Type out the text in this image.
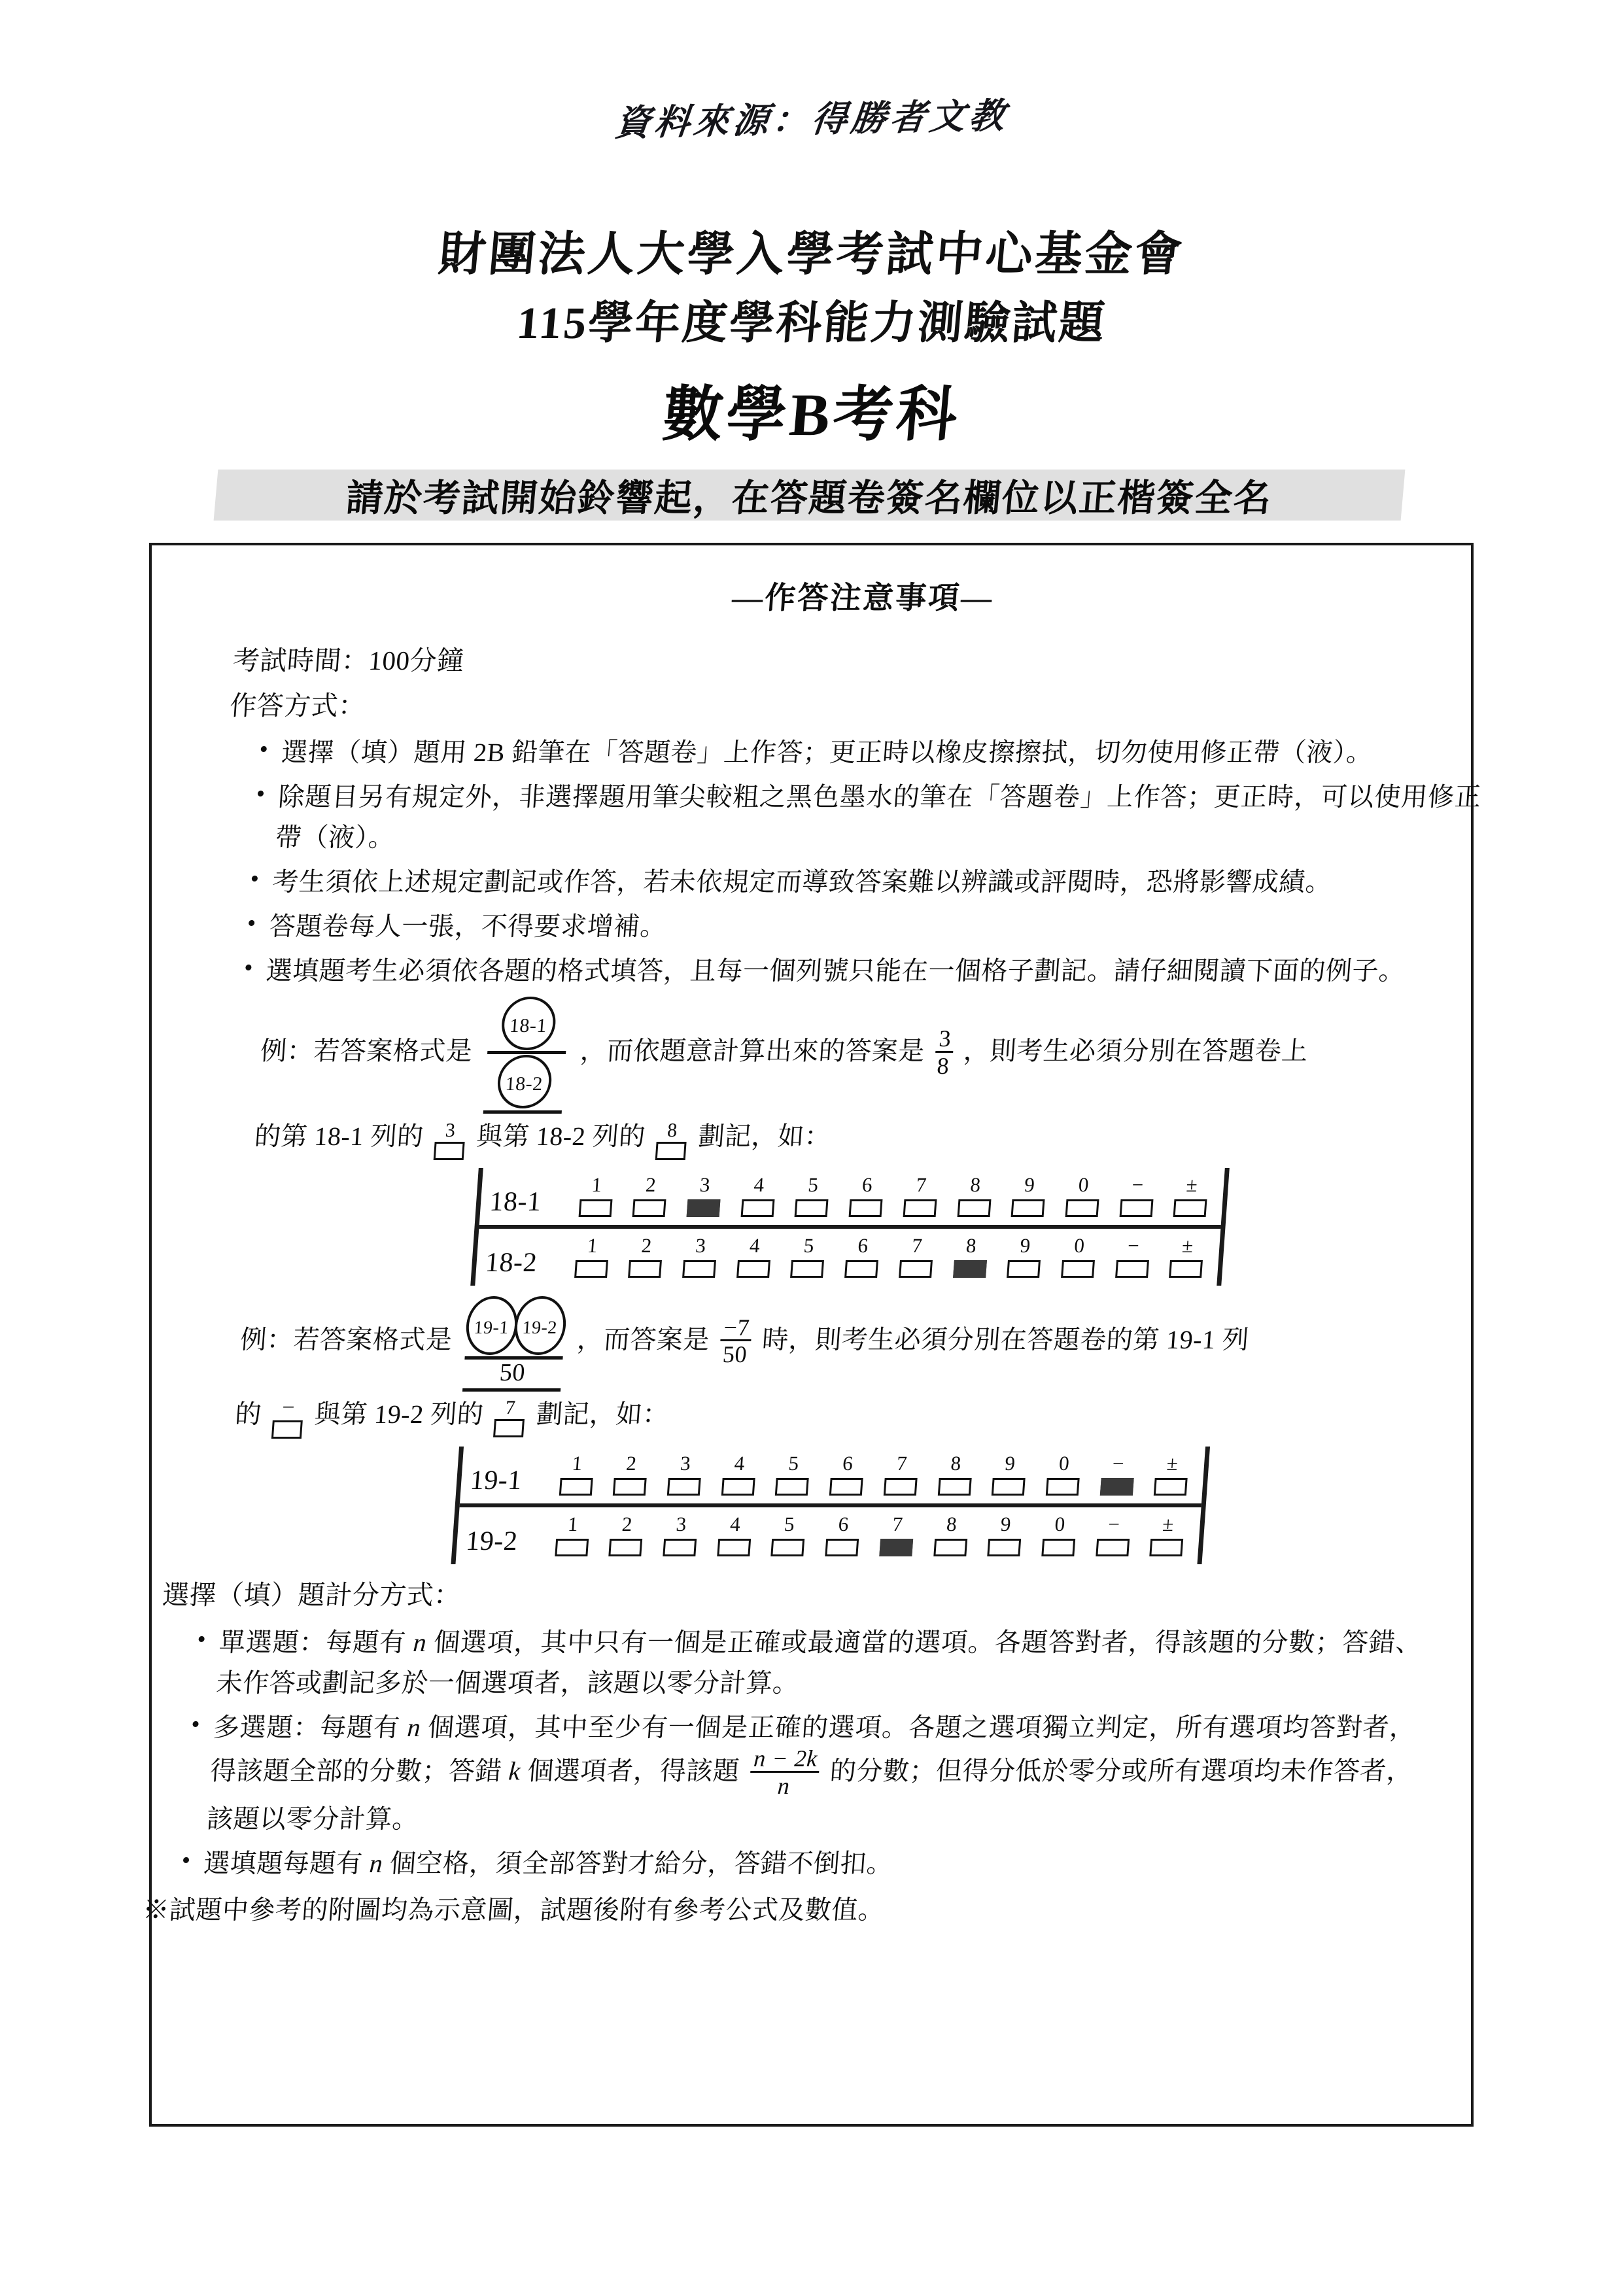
資料來源：得勝者文教
財團法人大學入學考試中心基金會
115學年度學科能力測驗試題
數學B考科
請於考試開始鈴響起，在答題卷簽名欄位以正楷簽全名
—作答注意事項—
考試時間：100分鐘
作答方式：
• 選擇（填）題用 2B 鉛筆在「答題卷」上作答；更正時以橡皮擦擦拭，切勿使用修正帶（液）。
• 除題目另有規定外，非選擇題用筆尖較粗之黑色墨水的筆在「答題卷」上作答；更正時，可以使用修正帶（液）。
• 考生須依上述規定劃記或作答，若未依規定而導致答案難以辨識或評閱時，恐將影響成績。
• 答題卷每人一張，不得要求增補。
• 選填題考生必須依各題的格式填答，且每一個列號只能在一個格子劃記。請仔細閱讀下面的例子。
例：若答案格式是 $\frac{18-1}{18-2}$ ，而依題意計算出來的答案是 $\frac{3}{8}$ ，則考生必須分別在答題卷上
的第 18-1 列的	3 與第 18-2 列的	8 劃記，如：
18-1
1	2	3	4	5	6	7	8	9	0	−	±
18-2
1	2	3	4	5	6	7	8	9	0	−	±
例：若答案格式是	19-1 19-2
50
，而答案是 $\frac{-7}{50}$ 時，則考生必須分別在答題卷的第 19-1 列
的 − 與第 19-2 列的	7 劃記，如：
19-1
1	2	3	4	5	6	7	8	9	0	−	±
19-2
1	2	3	4	5	6	7	8	9	0	−	±
選擇（填）題計分方式：
• 單選題：每題有 n 個選項，其中只有一個是正確或最適當的選項。各題答對者，得該題的分數；答錯、未作答或劃記多於一個選項者，該題以零分計算。
• 多選題：每題有 n 個選項，其中至少有一個是正確的選項。各題之選項獨立判定，所有選項均答對者，得該題全部的分數；答錯 k 個選項者，得該題 $\frac{n - 2k}{n}$ 的分數；但得分低於零分或所有選項均未作答者，該題以零分計算。
• 選填題每題有 n 個空格，須全部答對才給分，答錯不倒扣。
※試題中參考的附圖均為示意圖，試題後附有參考公式及數值。
